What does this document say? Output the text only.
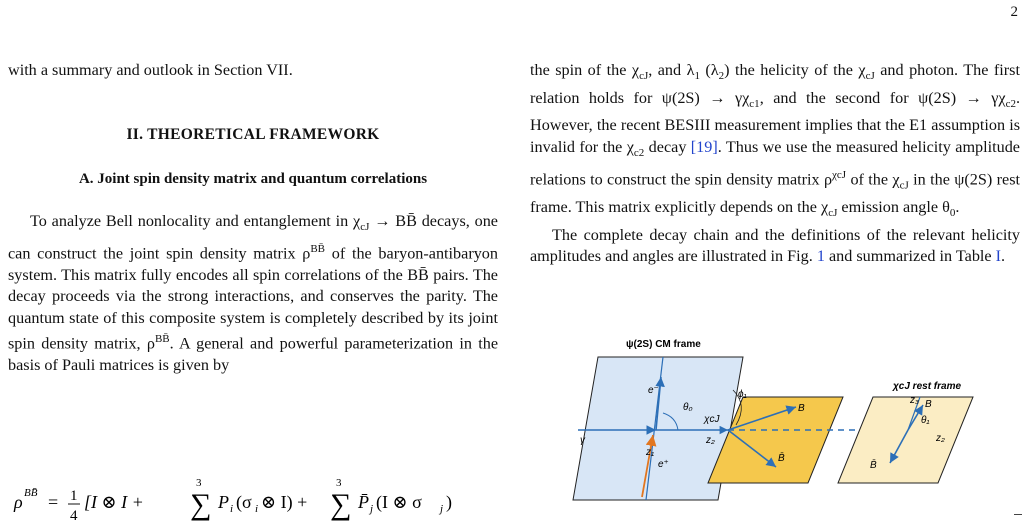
2

with a summary and outlook in Section VII.

II. THEORETICAL FRAMEWORK
A. Joint spin density matrix and quantum correlations

To analyze Bell nonlocality and entanglement in $\chi_{cJ}$ → BB̄ decays, one can construct the joint spin density matrix $\rho^{BB̄}$ of the baryon-antibaryon system. This matrix fully encodes all spin correlations of the BB̄ pairs. The decay proceeds via the strong interactions, and conserves the parity. The quantum state of this composite system is completely described by its joint spin density matrix, $\rho^{BB̄}$. A general and powerful parameterization in the basis of Pauli matrices is given by

ρ BB̄ = 1
4
[I ⊗ I +
3
∑ P i (σ i ⊗ I) +
3
∑ P̄ j (I ⊗ σ j )

the spin of the $\chi_{cJ}$, and $\lambda_1$ $(\lambda_2)$ the helicity of the $\chi_{cJ}$ and photon. The first relation holds for $\psi(2S) \to \gamma\chi_{c1}$, and the second for $\psi(2S) \to \gamma\chi_{c2}$. However, the recent BESIII measurement implies that the E1 assumption is invalid for the $\chi_{c2}$ decay [19]. Thus we use the measured helicity amplitude relations to construct the spin density matrix $\rho^{\chi cJ}$ of the $\chi_{cJ}$ in the ψ(2S) rest frame. This matrix explicitly depends on the $\chi_{cJ}$ emission angle $\theta_0$.

The complete decay chain and the definitions of the relevant helicity amplitudes and angles are illustrated in Fig. 1 and summarized in Table I.

ψ(2S) CM frame
e⁻
e⁺
γ
z₁
θ₀
χcJ
z₂
B
B̄
ϕ₁
χcJ rest frame
z₃ B
θ₁
z₂
B̄
